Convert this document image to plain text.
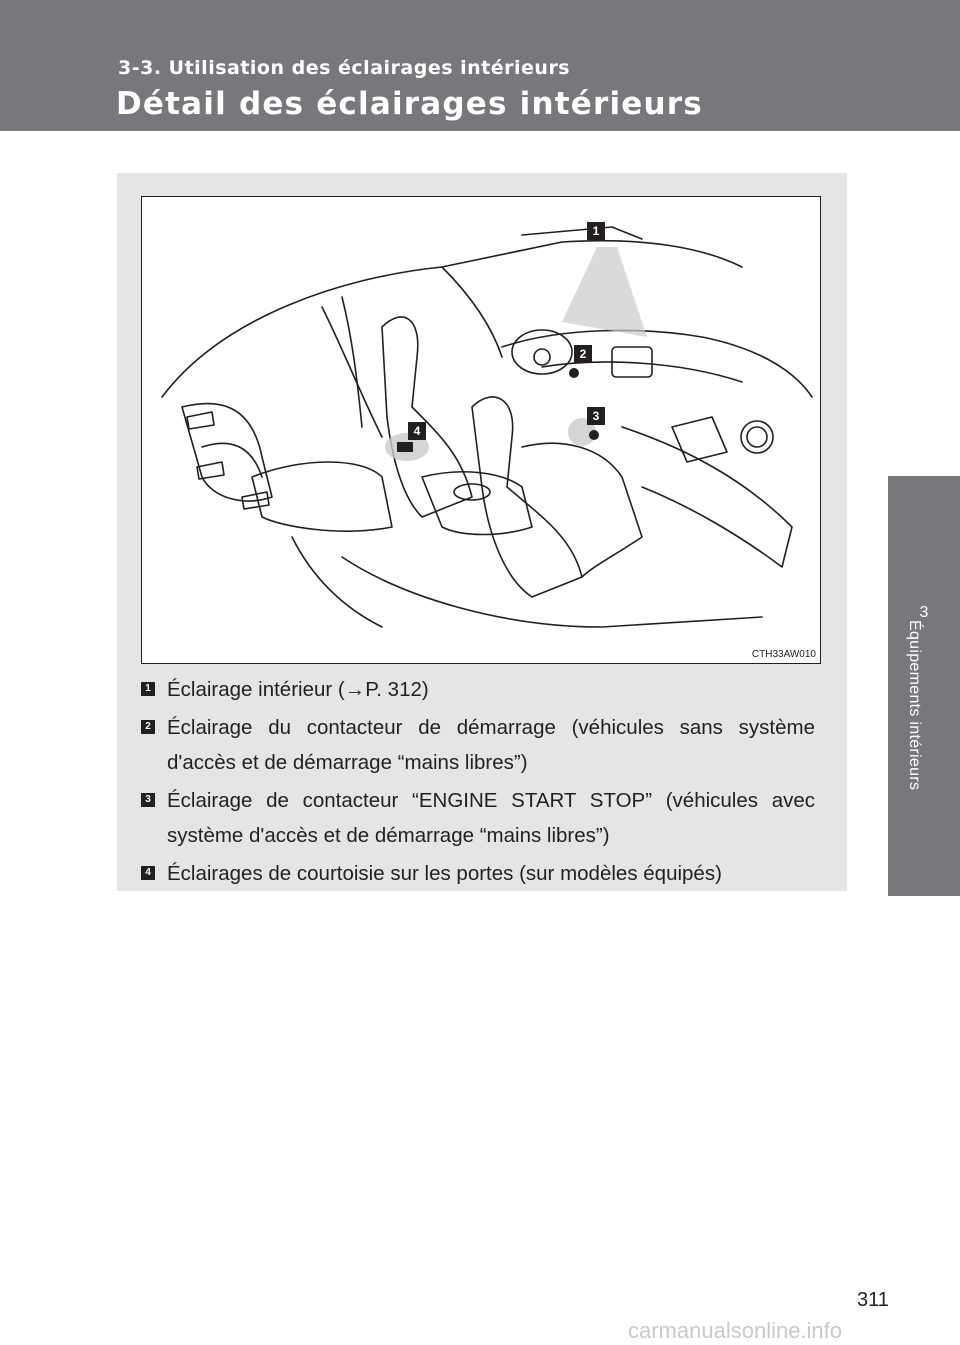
3-3. Utilisation des éclairages intérieurs
Détail des éclairages intérieurs
3
Équipements intérieurs
1
2
3
4
CTH33AW010
1 Éclairage intérieur (→P. 312)
2 Éclairage du contacteur de démarrage (véhicules sans système d'accès et de démarrage “mains libres”)
3 Éclairage de contacteur “ENGINE START STOP” (véhicules avec système d'accès et de démarrage “mains libres”)
4 Éclairages de courtoisie sur les portes (sur modèles équipés)
311
carmanualsonline.info
